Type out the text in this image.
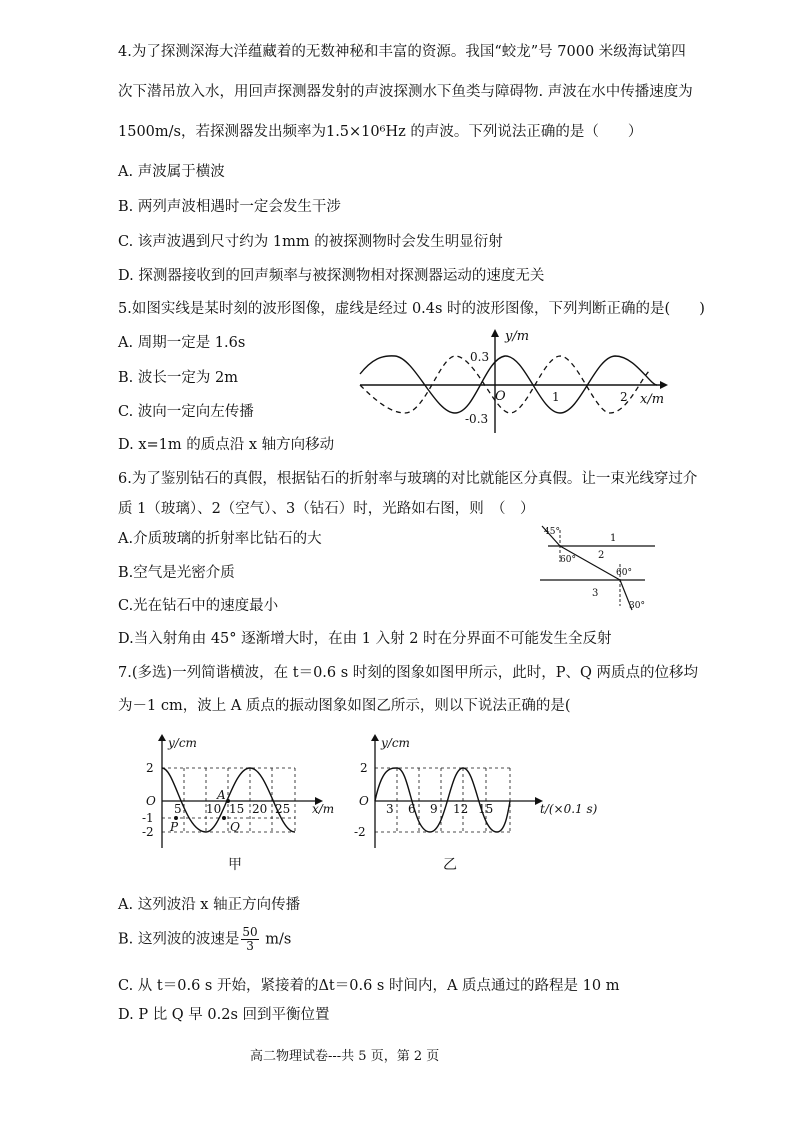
4.为了探测深海大洋蕴藏着的无数神秘和丰富的资源。我国“蛟龙”号 7000 米级海试第四
次下潜吊放入水，用回声探测器发射的声波探测水下鱼类与障碍物. 声波在水中传播速度为
1500m/s，若探测器发出频率为1.5×10⁶Hz 的声波。下列说法正确的是（　　）
A. 声波属于横波
B. 两列声波相遇时一定会发生干涉
C. 该声波遇到尺寸约为 1mm 的被探测物时会发生明显衍射
D. 探测器接收到的回声频率与被探测物相对探测器运动的速度无关
5.如图实线是某时刻的波形图像，虚线是经过 0.4s 时的波形图像，下列判断正确的是(　　)
A. 周期一定是 1.6s
B. 波长一定为 2m
C. 波向一定向左传播
D. x=1m 的质点沿 x 轴方向移动
y/m
0.3
-0.3
O	1	2 x/m
6.为了鉴别钻石的真假，根据钻石的折射率与玻璃的对比就能区分真假。让一束光线穿过介
质 1（玻璃）、2（空气）、3（钻石）时，光路如右图，则　（　）
A.介质玻璃的折射率比钻石的大
B.空气是光密介质
C.光在钻石中的速度最小
D.当入射角由 45° 逐渐增大时，在由 1 入射 2 时在分界面不可能发生全反射
45°
60°
60°
30°
1
2
3
7.(多选)一列简谐横波，在 t＝0.6 s 时刻的图象如图甲所示，此时，P、Q 两质点的位移均
为－1 cm，波上 A 质点的振动图象如图乙所示，则以下说法正确的是(
y/cm
2
-1
-2
O
5 10 15 20 25 x/m
P	Q
A
甲
y/cm
2
-2
O
3 6 9 12 15	t/(×0.1 s)
乙
A. 这列波沿 x 轴正方向传播
B. 这列波的波速是 $\frac{50}{3} m/s$
C. 从 t＝0.6 s 开始，紧接着的Δt＝0.6 s 时间内，A 质点通过的路程是 10 m
D. P 比 Q 早 0.2s 回到平衡位置
高二物理试卷---共 5 页，第 2 页
